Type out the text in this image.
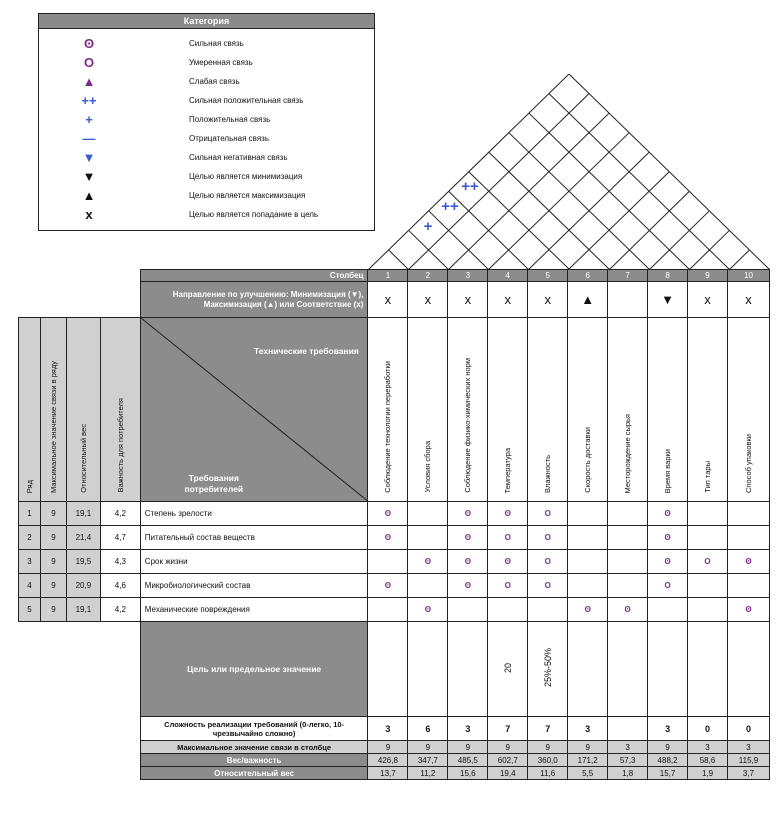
Категория
ʘ	Сильная связь
O	Умеренная связь
▲	Слабая связь
++	Сильная положительная связь
+	Положительная связь
—	Отрицательная связь
▼	Сильная негативная связь
▼	Целью является минимизация
▲	Целью является максимизация
x	Целью является попадание в цель
++
++
+
				Столбец	1	2	3	4	5	6	7	8	9	10
				Направление по улучшению: Минимизация (▼), Максимизация (▲) или Соответствие (x)	x	x	x	x	x	▲		▼	x	x
Ряд	Максимальное значение связи в ряду	Относительный вес	Важность для потребителя	Технические требования
Требования потребителей	Соблюдение технологии переработки	Условия сбора	Соблюдение физико-химических норм	Температура	Влажность	Скорость доставки	Месторождение сырья	Время варки	Тип тары	Способ упаковки
1	9	19,1	4,2	Степень зрелости	ʘ		ʘ	ʘ	O			ʘ		
2	9	21,4	4,7	Питательный состав веществ	ʘ		ʘ	O	O			ʘ		
3	9	19,5	4,3	Срок жизни		ʘ	ʘ	ʘ	O			ʘ	O	ʘ
4	9	20,9	4,6	Микробиологический состав	ʘ		ʘ	O	O			O		
5	9	19,1	4,2	Механические повреждения		ʘ				ʘ	ʘ			ʘ
				Цель или предельное значение				20	25%-50%					
				Сложность реализации требований (0-легко, 10-чрезвычайно сложно)	3	6	3	7	7	3		3	0	0
				Максимальное значение связи в столбце	9	9	9	9	9	9	3	9	3	3
				Вес/важность	426,8	347,7	485,5	602,7	360,0	171,2	57,3	488,2	58,6	115,9
				Относительный вес	13,7	11,2	15,6	19,4	11,6	5,5	1,8	15,7	1,9	3,7
